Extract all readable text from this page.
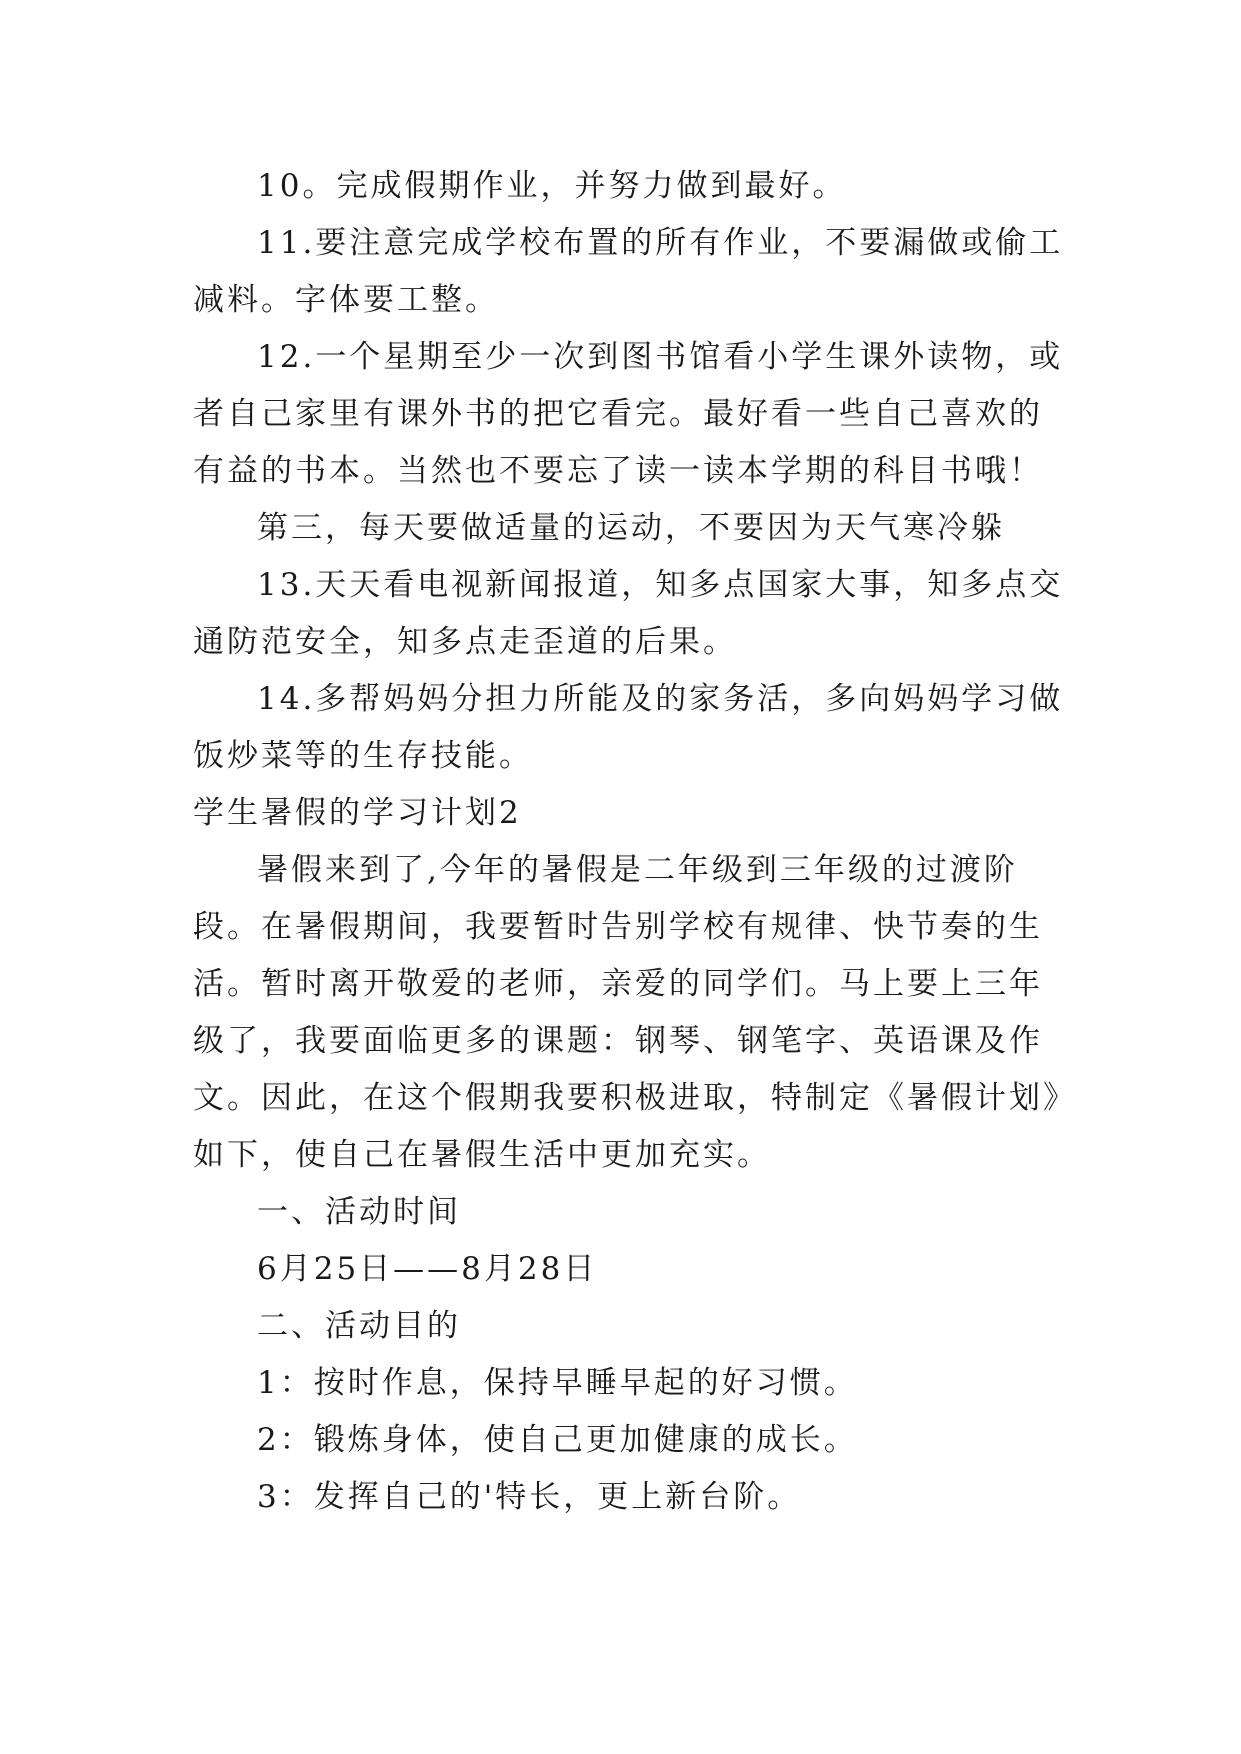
10。完成假期作业，并努力做到最好。

11.要注意完成学校布置的所有作业，不要漏做或偷工减料。字体要工整。

12.一个星期至少一次到图书馆看小学生课外读物，或者自己家里有课外书的把它看完。最好看一些自己喜欢的有益的书本。当然也不要忘了读一读本学期的科目书哦！

第三，每天要做适量的运动，不要因为天气寒冷躲

13.天天看电视新闻报道，知多点国家大事，知多点交通防范安全，知多点走歪道的后果。

14.多帮妈妈分担力所能及的家务活，多向妈妈学习做饭炒菜等的生存技能。

学生暑假的学习计划2

暑假来到了,今年的暑假是二年级到三年级的过渡阶段。在暑假期间，我要暂时告别学校有规律、快节奏的生活。暂时离开敬爱的老师，亲爱的同学们。马上要上三年级了，我要面临更多的课题：钢琴、钢笔字、英语课及作文。因此，在这个假期我要积极进取，特制定《暑假计划》如下，使自己在暑假生活中更加充实。

一、活动时间

6月25日——8月28日

二、活动目的

1：按时作息，保持早睡早起的好习惯。

2：锻炼身体，使自己更加健康的成长。

3：发挥自己的'特长，更上新台阶。
